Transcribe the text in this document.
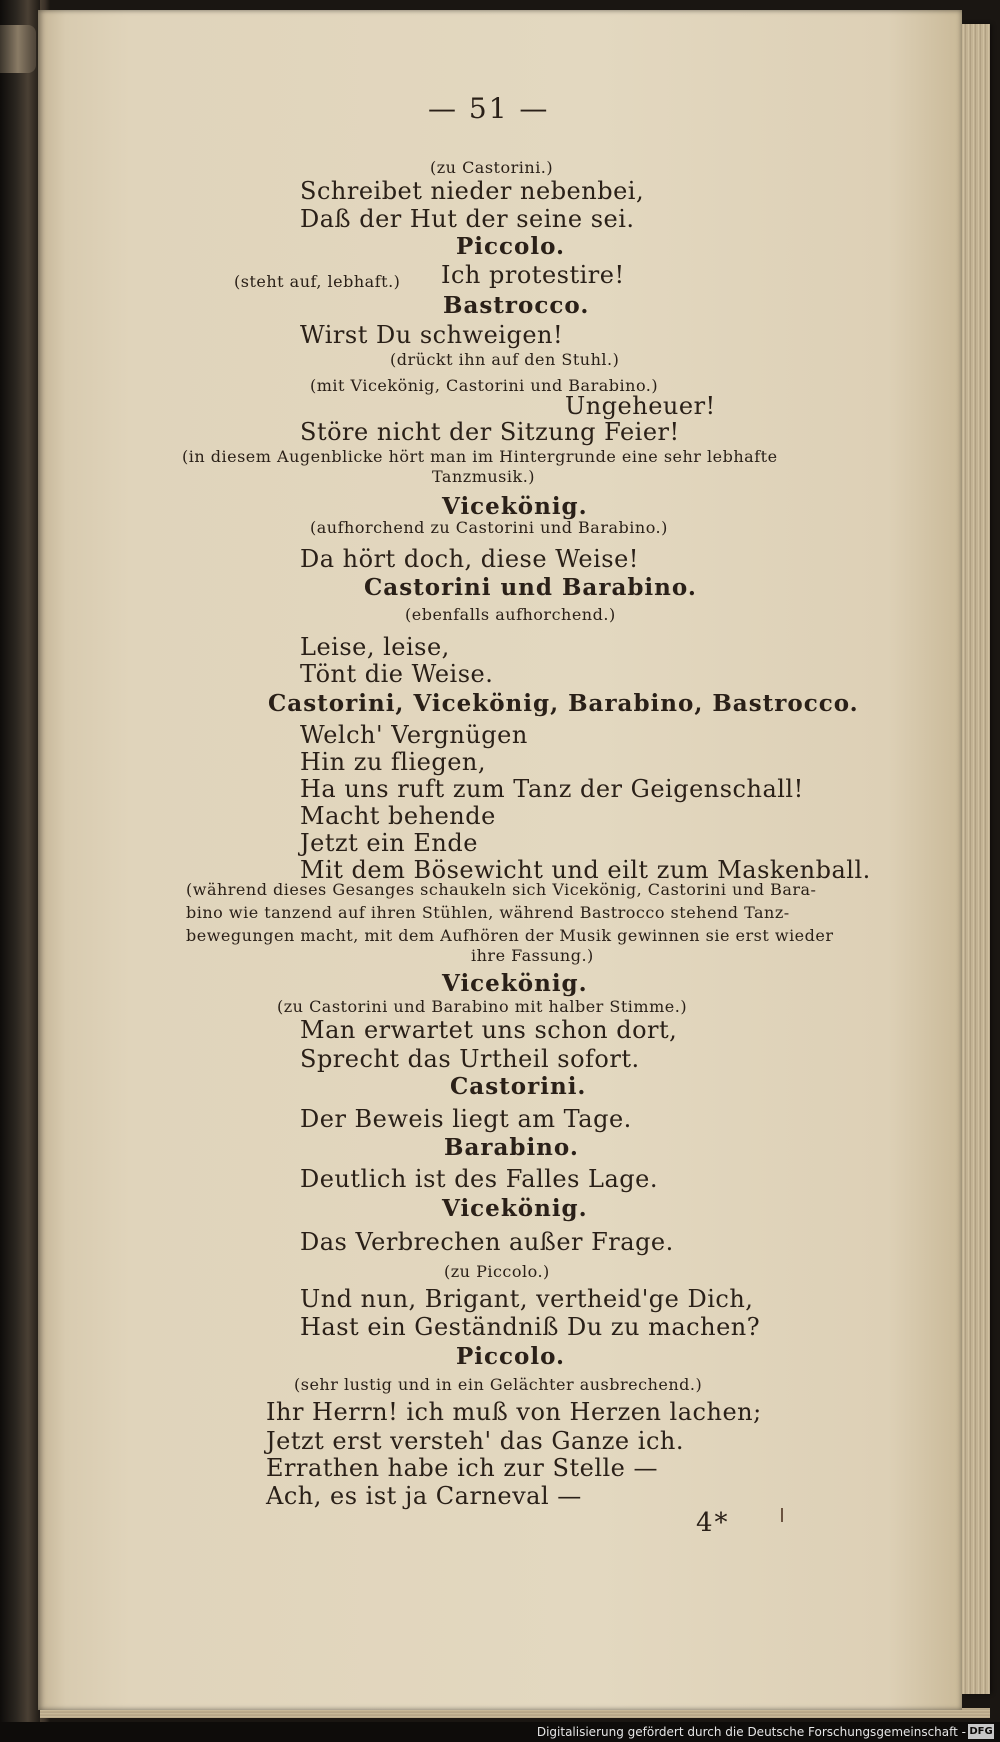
— 51 —
(zu Castorini.)
Schreibet nieder nebenbei,
Daß der Hut der seine sei.
Piccolo.
(steht auf, lebhaft.) Ich protestire!
Bastrocco.
Wirst Du schweigen!
(drückt ihn auf den Stuhl.)
(mit Vicekönig, Castorini und Barabino.)
Ungeheuer!
Störe nicht der Sitzung Feier!
(in diesem Augenblicke hört man im Hintergrunde eine sehr lebhafte
Tanzmusik.)
Vicekönig.
(aufhorchend zu Castorini und Barabino.)
Da hört doch, diese Weise!
Castorini und Barabino.
(ebenfalls aufhorchend.)
Leise, leise,
Tönt die Weise.
Castorini, Vicekönig, Barabino, Bastrocco.
Welch' Vergnügen
Hin zu fliegen,
Ha uns ruft zum Tanz der Geigenschall!
Macht behende
Jetzt ein Ende
Mit dem Bösewicht und eilt zum Maskenball.
(während dieses Gesanges schaukeln sich Vicekönig, Castorini und Bara-
bino wie tanzend auf ihren Stühlen, während Bastrocco stehend Tanz-
bewegungen macht, mit dem Aufhören der Musik gewinnen sie erst wieder
ihre Fassung.)
Vicekönig.
(zu Castorini und Barabino mit halber Stimme.)
Man erwartet uns schon dort,
Sprecht das Urtheil sofort.
Castorini.
Der Beweis liegt am Tage.
Barabino.
Deutlich ist des Falles Lage.
Vicekönig.
Das Verbrechen außer Frage.
(zu Piccolo.)
Und nun, Brigant, vertheid'ge Dich,
Hast ein Geständniß Du zu machen?
Piccolo.
(sehr lustig und in ein Gelächter ausbrechend.)
Ihr Herrn! ich muß von Herzen lachen;
Jetzt erst versteh' das Ganze ich.
Errathen habe ich zur Stelle —
Ach, es ist ja Carneval —
4*
Digitalisierung gefördert durch die Deutsche Forschungsgemeinschaft - DFG
